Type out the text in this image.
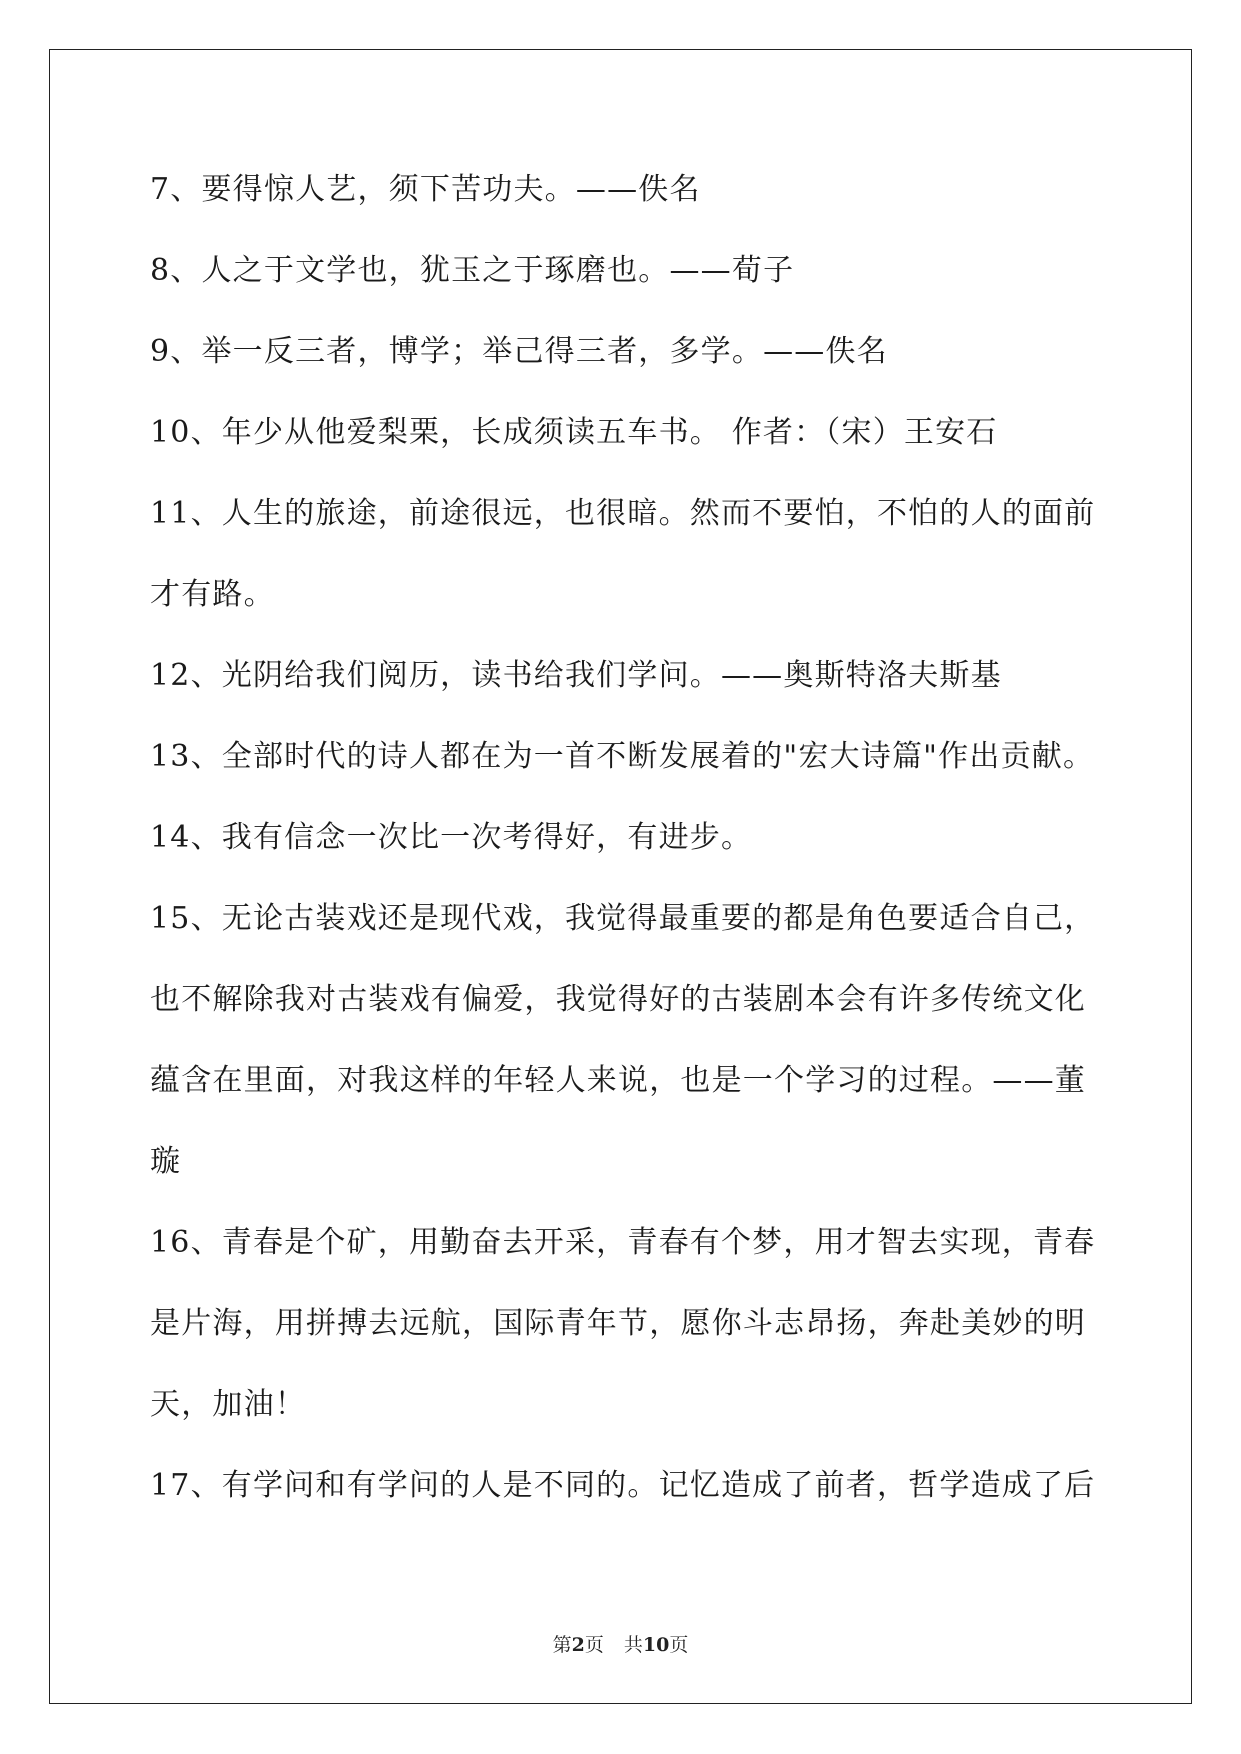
7、要得惊人艺，须下苦功夫。——佚名
8、人之于文学也，犹玉之于琢磨也。——荀子
9、举一反三者，博学；举己得三者，多学。——佚名
10、年少从他爱梨栗，长成须读五车书。 作者：（宋）王安石
11、人生的旅途，前途很远，也很暗。然而不要怕，不怕的人的面前
才有路。
12、光阴给我们阅历，读书给我们学问。——奥斯特洛夫斯基
13、全部时代的诗人都在为一首不断发展着的"宏大诗篇"作出贡献。
14、我有信念一次比一次考得好，有进步。
15、无论古装戏还是现代戏，我觉得最重要的都是角色要适合自己，
也不解除我对古装戏有偏爱，我觉得好的古装剧本会有许多传统文化
蕴含在里面，对我这样的年轻人来说，也是一个学习的过程。——董
璇
16、青春是个矿，用勤奋去开采，青春有个梦，用才智去实现，青春
是片海，用拼搏去远航，国际青年节，愿你斗志昂扬，奔赴美妙的明
天，加油！
17、有学问和有学问的人是不同的。记忆造成了前者，哲学造成了后
第2页 共10页
